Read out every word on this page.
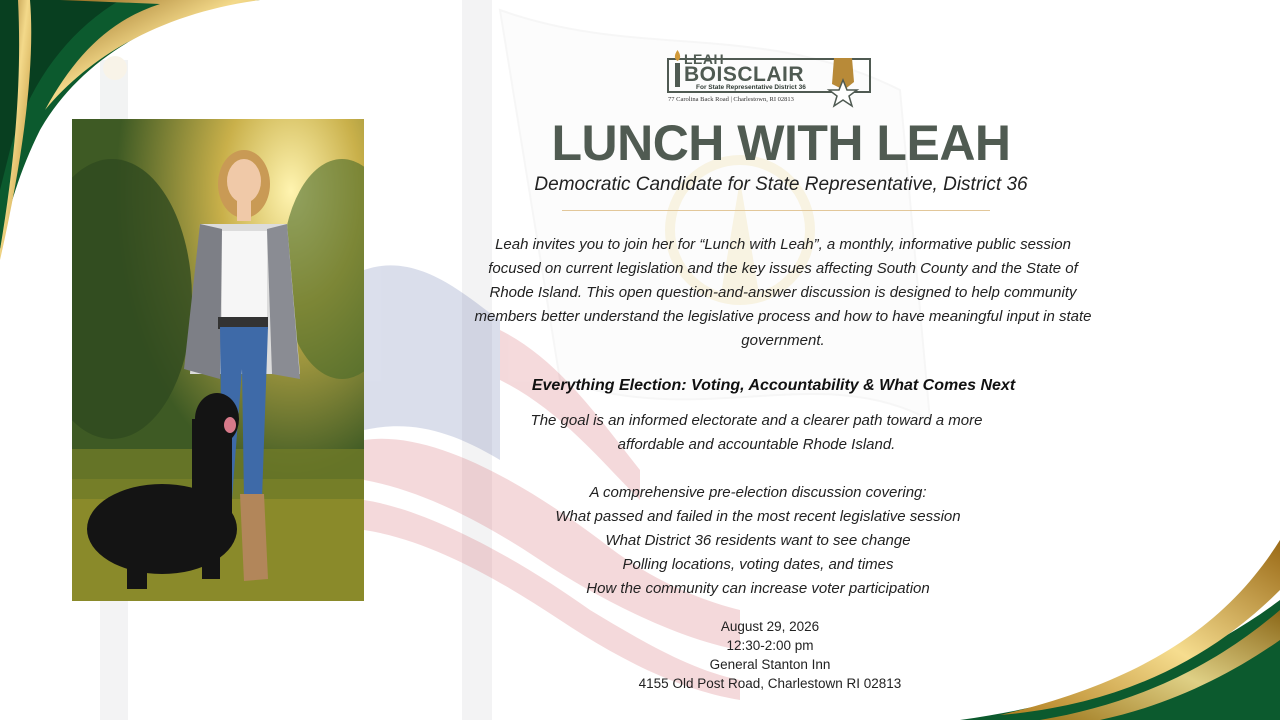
LEAH
BOISCLAIR
For State Representative District 36
77 Carolina Back Road | Charlestown, RI 02813
LUNCH WITH LEAH
Democratic Candidate for State Representative, District 36
Leah invites you to join her for “Lunch with Leah”, a monthly, informative public session
focused on current legislation and the key issues affecting South County and the State of
Rhode Island. This open question-and-answer discussion is designed to help community
members better understand the legislative process and how to have meaningful input in state
government.
Everything Election: Voting, Accountability & What Comes Next
The goal is an informed electorate and a clearer path toward a more
affordable and accountable Rhode Island.
A comprehensive pre-election discussion covering:
What passed and failed in the most recent legislative session
What District 36 residents want to see change
Polling locations, voting dates, and times
How the community can increase voter participation
August 29, 2026
12:30-2:00 pm
General Stanton Inn
4155 Old Post Road, Charlestown RI 02813
